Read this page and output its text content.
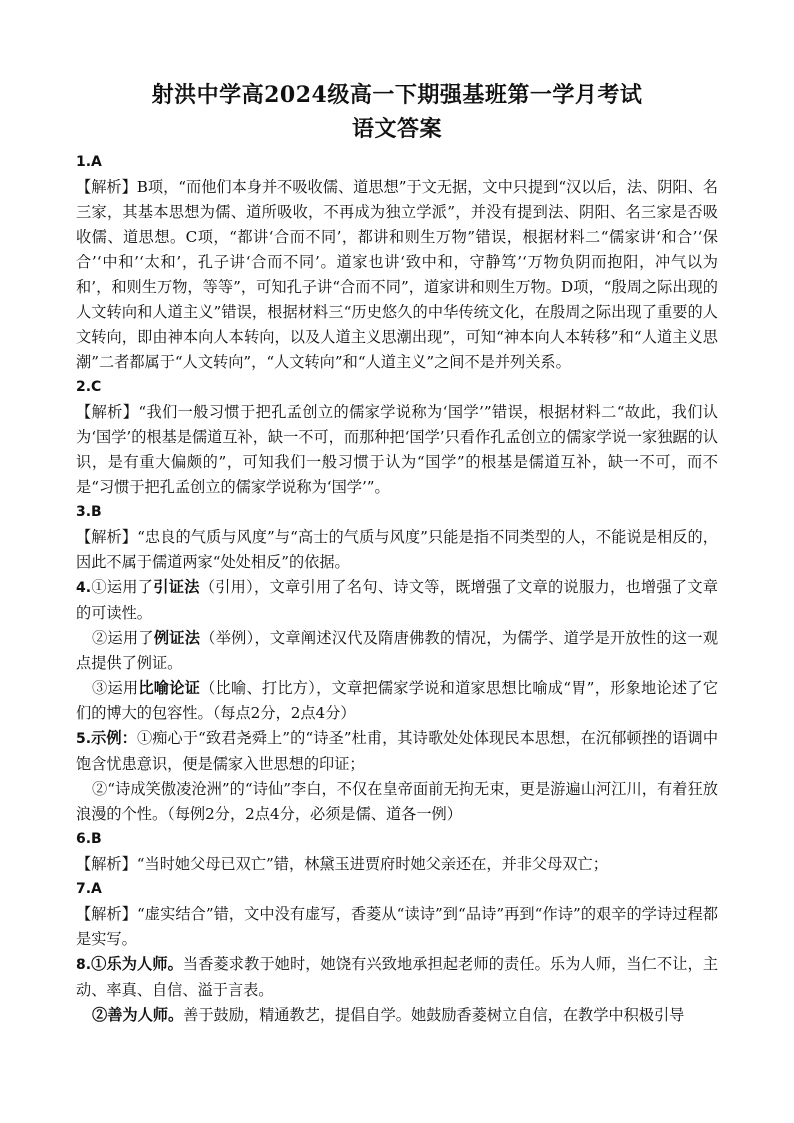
射洪中学高2024级高一下期强基班第一学月考试
语文答案

1.A

【解析】B项，“而他们本身并不吸收儒、道思想”于文无据，文中只提到“汉以后，法、阴阳、名三家，其基本思想为儒、道所吸收，不再成为独立学派”，并没有提到法、阴阳、名三家是否吸收儒、道思想。C项，“都讲‘合而不同’，都讲和则生万物”错误，根据材料二“儒家讲‘和合’‘保合’‘中和’‘太和’，孔子讲‘合而不同’。道家也讲‘致中和，守静笃’‘万物负阴而抱阳，冲气以为和’，和则生万物，等等”，可知孔子讲“合而不同”，道家讲和则生万物。D项，“殷周之际出现的人文转向和人道主义”错误，根据材料三“历史悠久的中华传统文化，在殷周之际出现了重要的人文转向，即由神本向人本转向，以及人道主义思潮出现”，可知“神本向人本转移”和“人道主义思潮”二者都属于“人文转向”，“人文转向”和“人道主义”之间不是并列关系。

2.C

【解析】“我们一般习惯于把孔孟创立的儒家学说称为‘国学’”错误，根据材料二“故此，我们认为‘国学’的根基是儒道互补，缺一不可，而那种把‘国学’只看作孔孟创立的儒家学说一家独踞的认识，是有重大偏颇的”，可知我们一般习惯于认为“国学”的根基是儒道互补，缺一不可，而不是“习惯于把孔孟创立的儒家学说称为‘国学’”。

3.B

【解析】“忠良的气质与风度”与“高士的气质与风度”只能是指不同类型的人，不能说是相反的，因此不属于儒道两家“处处相反”的依据。

4.①运用了引证法（引用），文章引用了名句、诗文等，既增强了文章的说服力，也增强了文章的可读性。

②运用了例证法（举例），文章阐述汉代及隋唐佛教的情况，为儒学、道学是开放性的这一观点提供了例证。

③运用比喻论证（比喻、打比方），文章把儒家学说和道家思想比喻成“胃”，形象地论述了它们的博大的包容性。（每点2分，2点4分）

5.示例：①痴心于“致君尧舜上”的“诗圣”杜甫，其诗歌处处体现民本思想，在沉郁顿挫的语调中饱含忧患意识，便是儒家入世思想的印证；

②“诗成笑傲凌沧洲”的“诗仙”李白，不仅在皇帝面前无拘无束，更是游遍山河江川，有着狂放浪漫的个性。（每例2分，2点4分，必须是儒、道各一例）

6.B

【解析】“当时她父母已双亡”错，林黛玉进贾府时她父亲还在，并非父母双亡；

7.A

【解析】“虚实结合”错，文中没有虚写，香菱从“读诗”到“品诗”再到“作诗”的艰辛的学诗过程都是实写。

8.①乐为人师。当香菱求教于她时，她饶有兴致地承担起老师的责任。乐为人师，当仁不让，主动、率真、自信、溢于言表。

②善为人师。善于鼓励，精通教艺，提倡自学。她鼓励香菱树立自信，在教学中积极引导
